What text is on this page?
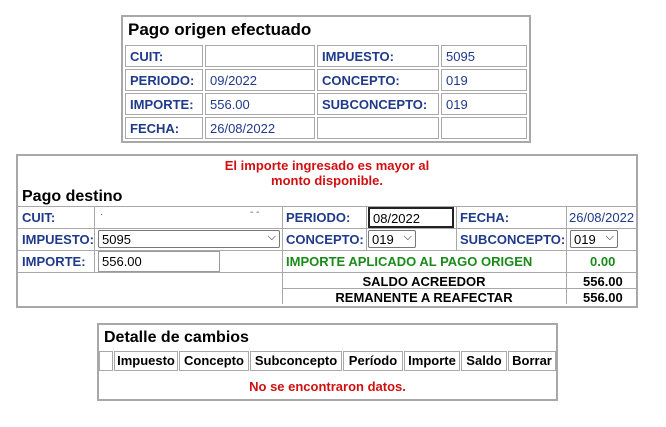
Pago origen efectuado
CUIT:		IMPUESTO:	5095
PERIODO:	09/2022	CONCEPTO:	019
IMPORTE:	556.00	SUBCONCEPTO:	019
FECHA:	26/08/2022		
El importe ingresado es mayor al
monto disponible.
Pago destino
CUIT:	·	- - PERIODO:	08/2022	FECHA:	26/08/2022
IMPUESTO: 5095	⌵ CONCEPTO: 019 ⌵	SUBCONCEPTO: 019 ⌵
IMPORTE:	556.00	IMPORTE APLICADO AL PAGO ORIGEN	0.00
SALDO ACREEDOR	556.00
REMANENTE A REAFECTAR	556.00
Detalle de cambios
Impuesto Concepto Subconcepto Período Importe Saldo Borrar
No se encontraron datos.
